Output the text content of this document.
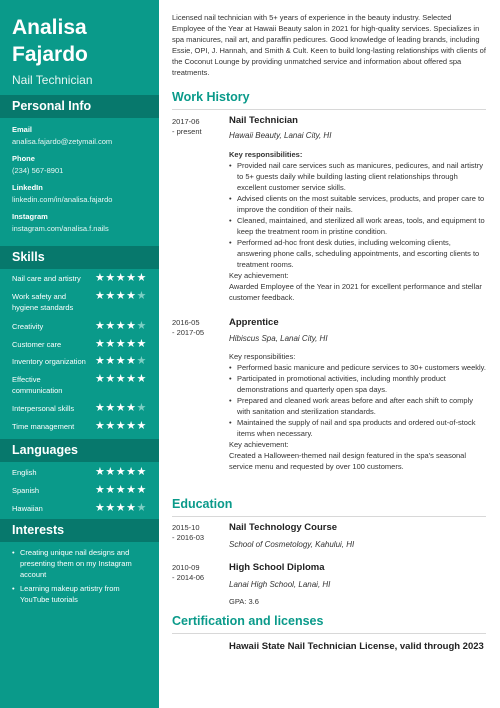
Analisa
Fajardo
Nail Technician
Personal Info
Email
analisa.fajardo@zetymail.com
Phone
(234) 567-8901
LinkedIn
linkedin.com/in/analisa.fajardo
Instagram
instagram.com/analisa.f.nails
Skills
Nail care and artistry	★★★★★
Work safety and
hygiene standards
★★★★★
Creativity	★★★★★
Customer care	★★★★★
Inventory organization ★★★★★
Effective
communication
★★★★★
Interpersonal skills	★★★★★
Time management	★★★★★
Languages
English	★★★★★
Spanish	★★★★★
Hawaiian	★★★★★
Interests
• Creating unique nail designs and presenting them on my Instagram account
• Learning makeup artistry from YouTube tutorials
Licensed nail technician with 5+ years of experience in the beauty industry. Selected Employee of the Year at Hawaii Beauty salon in 2021 for high-quality services. Specializes in spa manicures, nail art, and paraffin pedicures. Good knowledge of leading brands, including Essie, OPI, J. Hannah, and Smith & Cult. Keen to build long-lasting relationships with clients of the Coconut Lounge by providing unmatched service and information about offered spa treatments.
Work History
2017-06
- present
Nail Technician
Hawaii Beauty, Lanai City, HI
Key responsibilities:
• Provided nail care services such as manicures, pedicures, and nail artistry to 5+ guests daily while building lasting client relationships through excellent customer service skills.
• Advised clients on the most suitable services, products, and proper care to improve the condition of their nails.
• Cleaned, maintained, and sterilized all work areas, tools, and equipment to keep the treatment room in pristine condition.
• Performed ad-hoc front desk duties, including welcoming clients, answering phone calls, scheduling appointments, and escorting clients to treatment rooms.
Key achievement:
Awarded Employee of the Year in 2021 for excellent performance and stellar customer feedback.
2016-05
- 2017-05
Apprentice
Hibiscus Spa, Lanai City, HI
Key responsibilities:
• Performed basic manicure and pedicure services to 30+ customers weekly.
• Participated in promotional activities, including monthly product demonstrations and quarterly open spa days.
• Prepared and cleaned work areas before and after each shift to comply with sanitation and sterilization standards.
• Maintained the supply of nail and spa products and ordered out-of-stock items when necessary.
Key achievement:
Created a Halloween-themed nail design featured in the spa's seasonal service menu and requested by over 100 customers.
Education
2015-10
- 2016-03
Nail Technology Course
School of Cosmetology, Kahului, HI
2010-09
- 2014-06
High School Diploma
Lanai High School, Lanai, HI
GPA: 3.6
Certification and licenses
Hawaii State Nail Technician License, valid through 2023
